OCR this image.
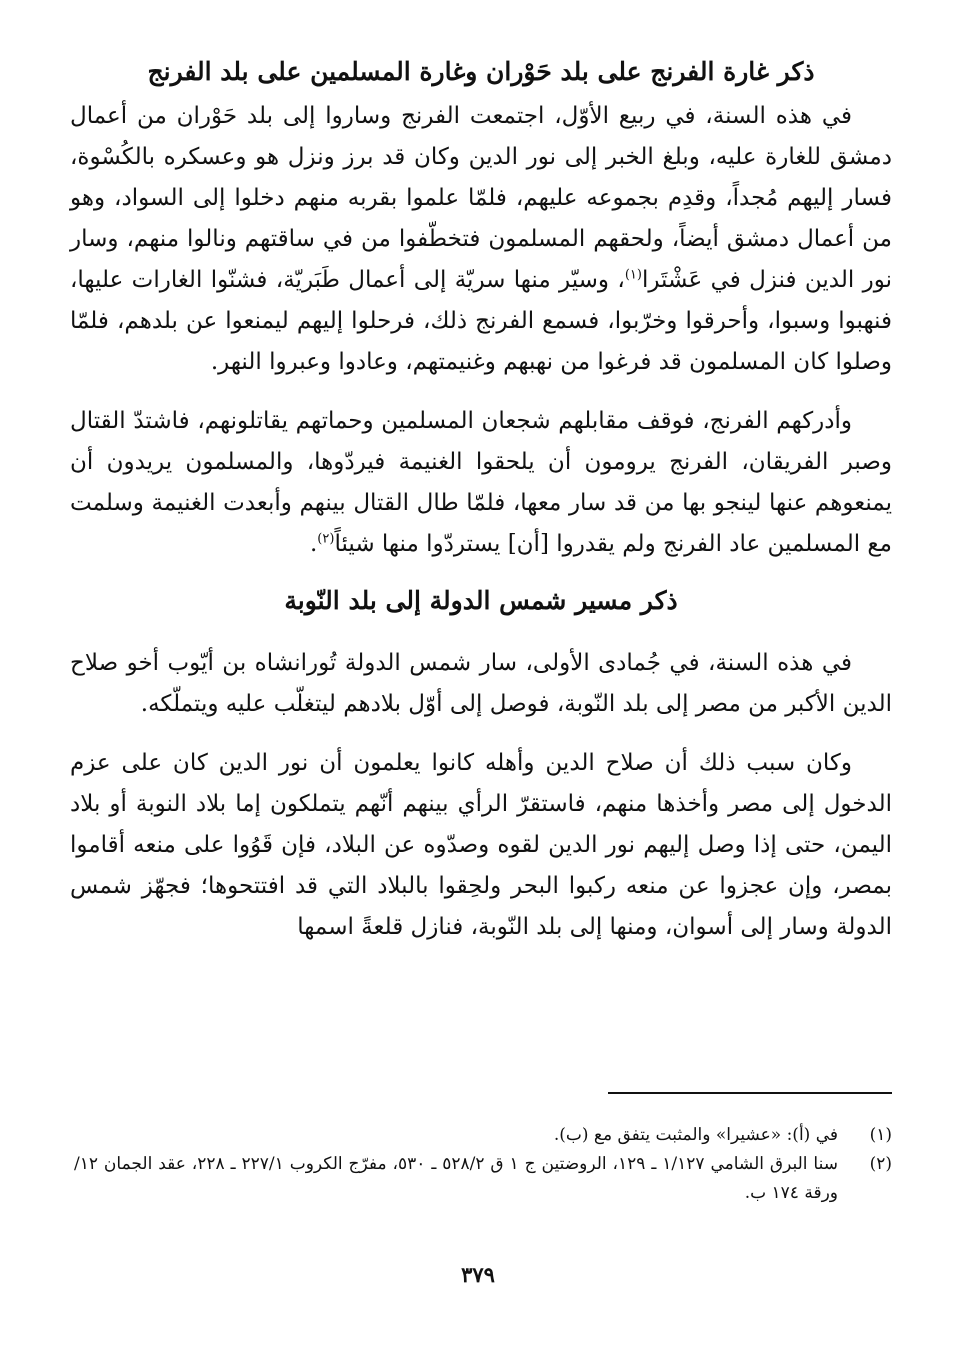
ذكر غارة الفرنج على بلد حَوْران وغارة المسلمين على بلد الفرنج

في هذه السنة، في ربيع الأوّل، اجتمعت الفرنج وساروا إلى بلد حَوْران من أعمال دمشق للغارة عليه، وبلغ الخبر إلى نور الدين وكان قد برز ونزل هو وعسكره بالكُسْوة، فسار إليهم مُجداً، وقدِم بجموعه عليهم، فلمّا علموا بقربه منهم دخلوا إلى السواد، وهو من أعمال دمشق أيضاً، ولحقهم المسلمون فتخطّفوا من في ساقتهم ونالوا منهم، وسار نور الدين فنزل في عَشْتَرا$^{(١)}$، وسيّر منها سريّة إلى أعمال طَبَريّة، فشنّوا الغارات عليها، فنهبوا وسبوا، وأحرقوا وخرّبوا، فسمع الفرنج ذلك، فرحلوا إليهم ليمنعوا عن بلدهم، فلمّا وصلوا كان المسلمون قد فرغوا من نهبهم وغنيمتهم، وعادوا وعبروا النهر.

وأدركهم الفرنج، فوقف مقابلهم شجعان المسلمين وحماتهم يقاتلونهم، فاشتدّ القتال وصبر الفريقان، الفرنج يرومون أن يلحقوا الغنيمة فيردّوها، والمسلمون يريدون أن يمنعوهم عنها لينجو بها من قد سار معها، فلمّا طال القتال بينهم وأبعدت الغنيمة وسلمت مع المسلمين عاد الفرنج ولم يقدروا [أن] يستردّوا منها شيئاً$^{(٢)}$.

ذكر مسير شمس الدولة إلى بلد النّوبة

في هذه السنة، في جُمادى الأولى، سار شمس الدولة تُورانشاه بن أيّوب أخو صلاح الدين الأكبر من مصر إلى بلد النّوبة، فوصل إلى أوّل بلادهم ليتغلّب عليه ويتملّكه.

وكان سبب ذلك أن صلاح الدين وأهله كانوا يعلمون أن نور الدين كان على عزم الدخول إلى مصر وأخذها منهم، فاستقرّ الرأي بينهم أنّهم يتملكون إما بلاد النوبة أو بلاد اليمن، حتى إذا وصل إليهم نور الدين لقوه وصدّوه عن البلاد، فإن قَوُوا على منعه أقاموا بمصر، وإن عجزوا عن منعه ركبوا البحر ولحِقوا بالبلاد التي قد افتتحوها؛ فجهّز شمس الدولة وسار إلى أسوان، ومنها إلى بلد النّوبة، فنازل قلعةً اسمها

(١)
في (أ): «عشيرا» والمثبت يتفق مع (ب).
(٢)
سنا البرق الشامي ١/١٢٧ ـ ١٢٩، الروضتين ج ١ ق ٥٢٨/٢ ـ ٥٣٠، مفرّج الكروب ٢٢٧/١ ـ ٢٢٨، عقد الجمان ١٢/ ورقة ١٧٤ ب.
٣٧٩
